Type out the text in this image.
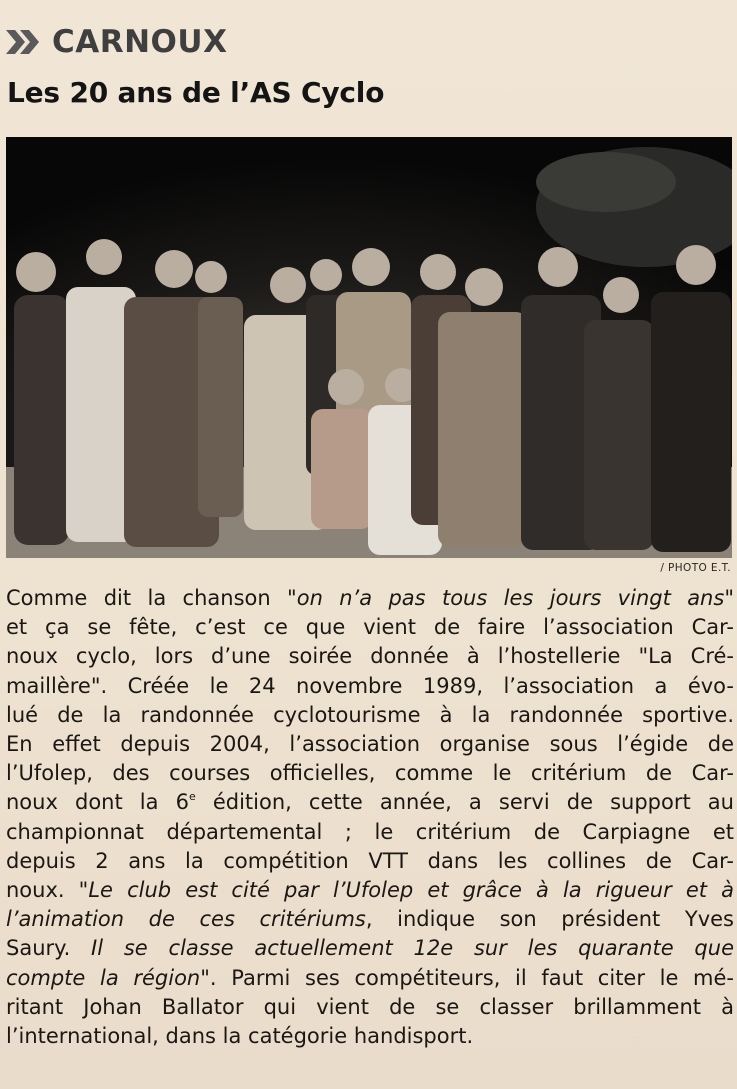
CARNOUX
Les 20 ans de l’AS Cyclo
/ PHOTO E.T.
Comme dit la chanson "on n’a pas tous les jours vingt ans"
et ça se fête, c’est ce que vient de faire l’association Car-
noux cyclo, lors d’une soirée donnée à l’hostellerie "La Cré-
maillère". Créée le 24 novembre 1989, l’association a évo-
lué de la randonnée cyclotourisme à la randonnée sportive.
En effet depuis 2004, l’association organise sous l’égide de
l’Ufolep, des courses officielles, comme le critérium de Car-
noux dont la 6e édition, cette année, a servi de support au
championnat départemental ; le critérium de Carpiagne et
depuis 2 ans la compétition VTT dans les collines de Car-
noux. "Le club est cité par l’Ufolep et grâce à la rigueur et à
l’animation de ces critériums, indique son président Yves
Saury. Il se classe actuellement 12e sur les quarante que
compte la région". Parmi ses compétiteurs, il faut citer le mé-
ritant Johan Ballator qui vient de se classer brillamment à
l’international, dans la catégorie handisport.
